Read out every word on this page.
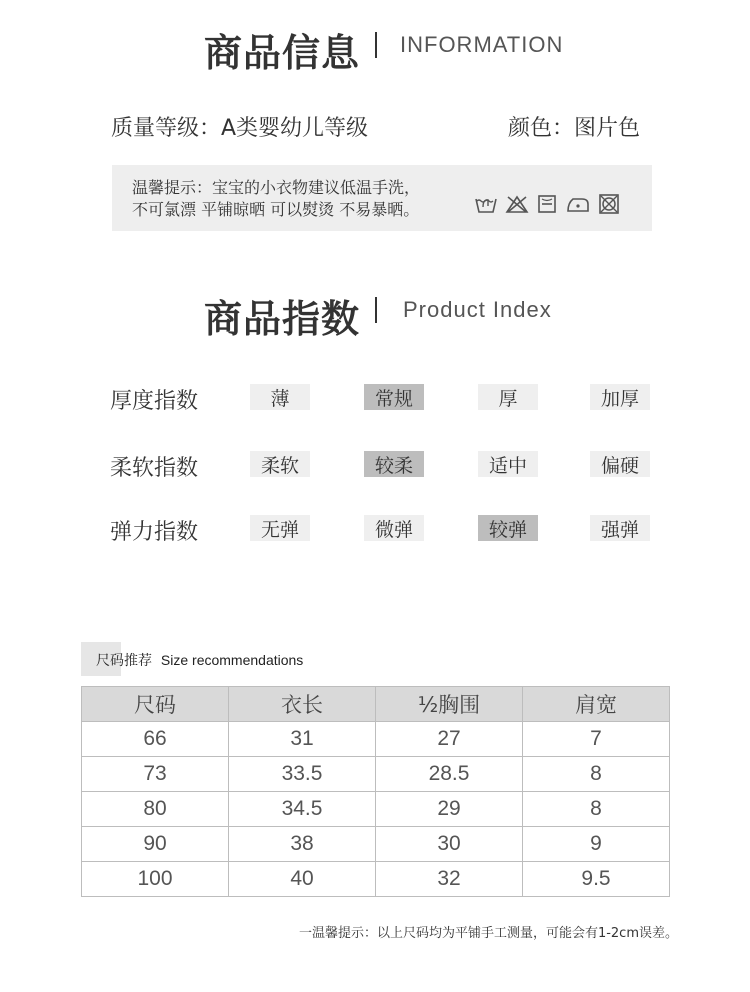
商品信息 INFORMATION
质量等级：A类婴幼儿等级	颜色：图片色
温馨提示：宝宝的小衣物建议低温手洗，
不可氯漂 平铺晾晒 可以熨烫 不易暴晒。
商品指数 Product Index
厚度指数	薄	常规	厚	加厚
柔软指数	柔软	较柔	适中	偏硬
弹力指数	无弹	微弹	较弹	强弹
尺码推荐 Size recommendations
尺码	衣长	½胸围	肩宽
66	31	27	7
73	33.5	28.5	8
80	34.5	29	8
90	38	30	9
100	40	32	9.5
一温馨提示：以上尺码均为平铺手工测量，可能会有1-2cm误差。
